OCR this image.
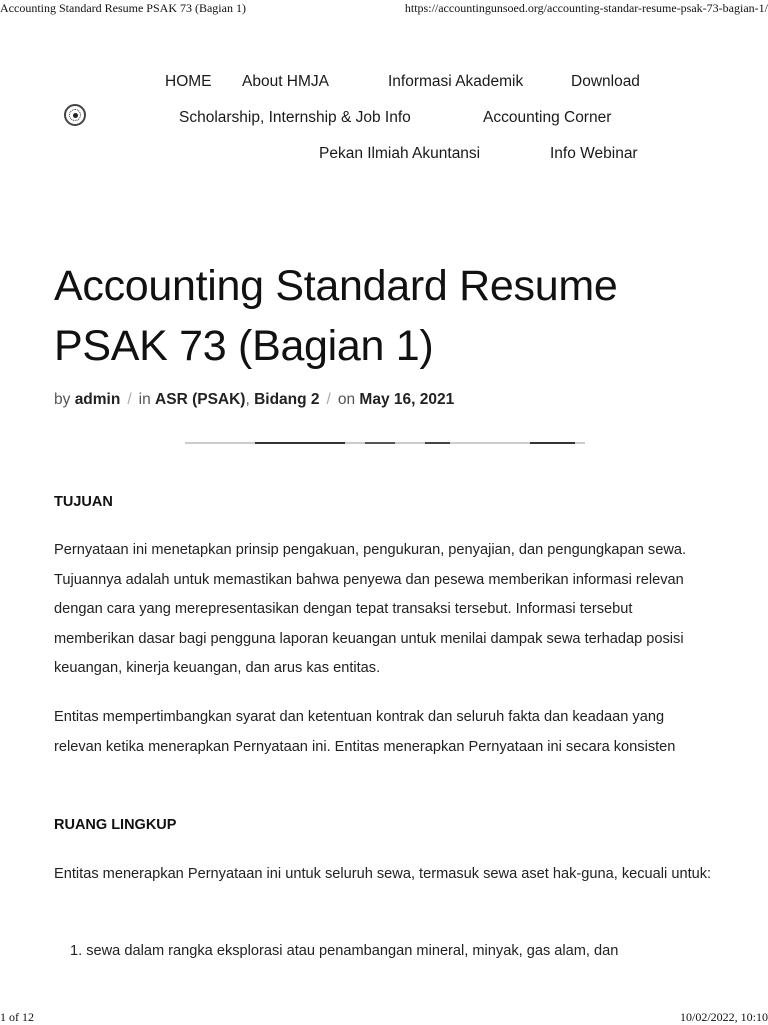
Accounting Standard Resume PSAK 73 (Bagian 1)	https://accountingunsoed.org/accounting-standar-resume-psak-73-bagian-1/
HOME About HMJA	Informasi Akademik	Download
Scholarship, Internship & Job Info	Accounting Corner
Pekan Ilmiah Akuntansi	Info Webinar
Accounting Standard Resume PSAK 73 (Bagian 1)
by admin / in ASR (PSAK), Bidang 2 / on May 16, 2021
TUJUAN

Pernyataan ini menetapkan prinsip pengakuan, pengukuran, penyajian, dan pengungkapan sewa. Tujuannya adalah untuk memastikan bahwa penyewa dan pesewa memberikan informasi relevan dengan cara yang merepresentasikan dengan tepat transaksi tersebut. Informasi tersebut memberikan dasar bagi pengguna laporan keuangan untuk menilai dampak sewa terhadap posisi keuangan, kinerja keuangan, dan arus kas entitas.

Entitas mempertimbangkan syarat dan ketentuan kontrak dan seluruh fakta dan keadaan yang relevan ketika menerapkan Pernyataan ini. Entitas menerapkan Pernyataan ini secara konsisten

RUANG LINGKUP

Entitas menerapkan Pernyataan ini untuk seluruh sewa, termasuk sewa aset hak-guna, kecuali untuk:

1. sewa dalam rangka eksplorasi atau penambangan mineral, minyak, gas alam, dan
1 of 12	10/02/2022, 10:10
